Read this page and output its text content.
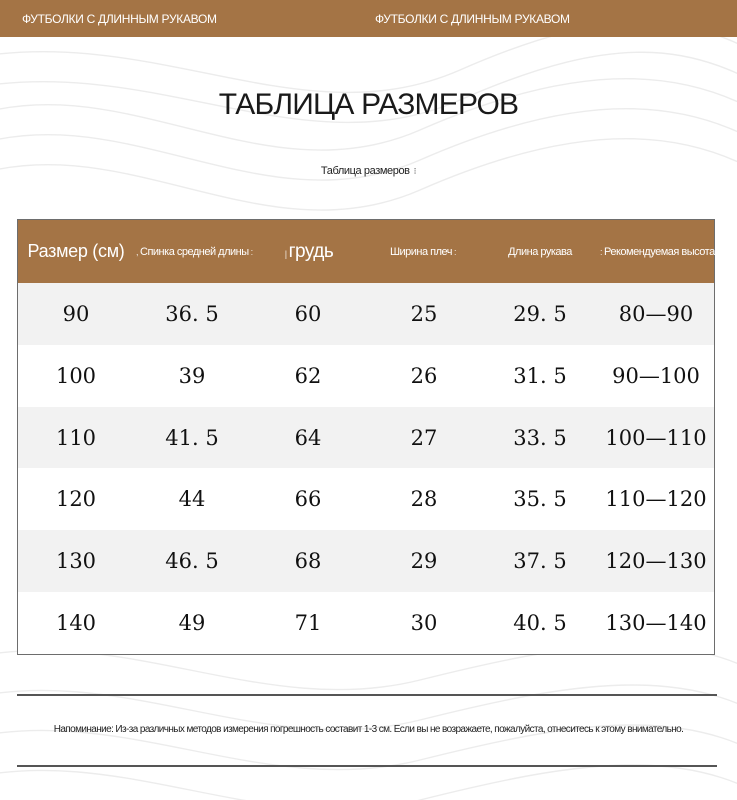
ФУТБОЛКИ С ДЛИННЫМ РУКАВОМ	ФУТБОЛКИ С ДЛИННЫМ РУКАВОМ
ТАБЛИЦА РАЗМЕРОВ
Таблица размеров ⁝
Размер (см)	, Спинка средней длины :	| грудь	Ширина плеч :	Длина рукава	: Рекомендуемая высота
90	36. 5	60	25	29. 5	80—90
100	39	62	26	31. 5	90—100
110	41. 5	64	27	33. 5	100—110
120	44	66	28	35. 5	110—120
130	46. 5	68	29	37. 5	120—130
140	49	71	30	40. 5	130—140
Напоминание: Из-за различных методов измерения погрешность составит 1-3 см. Если вы не возражаете, пожалуйста, отнеситесь к этому внимательно.
